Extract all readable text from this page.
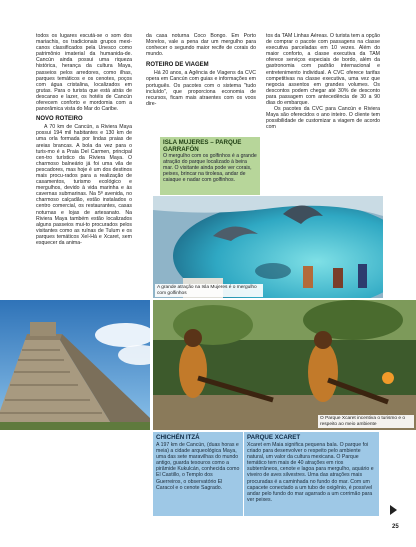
todos os lugares escutá-se o som dos mariachis, os tradicionais grupos mexi-canos classificados pela Unesco como patrimônio imaterial da humanida-de. Cancún ainda possui uma riqueza histórica, herança da cultura Maya, passeios pelos arredores, como ilhas, parques temáticos e os cenotes, poços com água cristalina, localizados em grutas. Para o turista que está atrás de descanso e lazer, os hotéis de Cancún oferecem conforto e mordomia com a panorâmica vista do Mar do Caribe.

NOVO ROTEIRO

A 70 km de Cancún, a Riviera Maya possui 194 mil habitantes e 130 km de uma orla formada por lindas praias de areias brancas. A bola da vez para o turis-mo é a Praia Del Carmen, principal cen-tro turístico da Riviera Maya. O charmoso balneário já foi uma vila de pescadores, mas hoje é um dos destinos mais procu-rados para a realização de casamentos, turismo ecológico e mergulhos, devido à vida marinha e às cavernas submarinas. Na 5ª avenida, no charmoso calçadão, estão instalados o centro comercial, os restaurantes, casas noturnas e lojas de artesanato. Na Riviera Maya também estão localizados alguns passeios mui-to procurados pelos visitantes como as ruínas de Tulum e os parques temáticos Xel-Há e Xcaret, sem esquecer da anima-

da casa noturna Coco Bongo. Em Porto Morelos, vale a pena dar um mergulho para conhecer o segundo maior recife de corais do mundo.

ROTEIRO DE VIAGEM

Há 20 anos, a Agência de Viagens da CVC opera em Cancún com guias e informações em português. Os pacotes com o sistema "tudo incluído", que proporciona economia de recursos, ficam mais atraentes com os voos dire-

tos da TAM Linhas Aéreas. O turista tem a opção de comprar o pacote com passagens na classe executiva parceladas em 10 vezes. Além do maior conforto, a classe executiva da TAM oferece serviços especiais de bordo, além da gastronomia com padrão internacional e entretenimento individual. A CVC oferece tarifas competitivas na classe executiva, uma vez que negocia assentos em grandes volumes. Os descontos podem chegar até 30% de desconto para passagem com antecedência de 30 a 90 dias do embarque.

Os pacotes da CVC para Cancún e Riviera Maya são oferecidos o ano inteiro. O cliente tem possibilidade de customizar a viagem de acordo com

ISLA MUJERES – PARQUE GARRAFÓN
O mergulho com os golfinhos é a grande atração do parque localizado à beira mar. O visitante ainda pode ver corais, peixes, brincar na tirolesa, andar de caiaque e nadar com golfinhos.
A grande atração na Isla Mujeres é o mergulho com golfinhos
O Parque Xcaret incentiva o turismo e o respeito ao meio ambiente
CHICHÉN ITZÁ
A 197 km de Cancún, (duas horas e meia) a cidade arqueológica Maya, uma das sete maravilhas do mundo antigo, guarda tesouros como a pirâmide Kukulcán, conhecida como El Castillo, o Templo dos Guerreiros, o observatório El Caracol e o cenote Sagrado.
PARQUE XCARET
Xcaret em Maia significa pequena baía. O parque foi criado para desenvolver o respeito pelo ambiente natural, um valor da cultura mexicana. O Parque temático tem mais de 40 atrações em rios subterrâneos, cenote e lagoa para mergulho, aquário e viveiro de aves silvestres. Uma das atrações mais procuradas é a caminhada no fundo do mar. Com um capacete conectado a um tubo de oxigênio, é possível andar pelo fundo do mar agarrado a um corrimão para ver peixes.
25
